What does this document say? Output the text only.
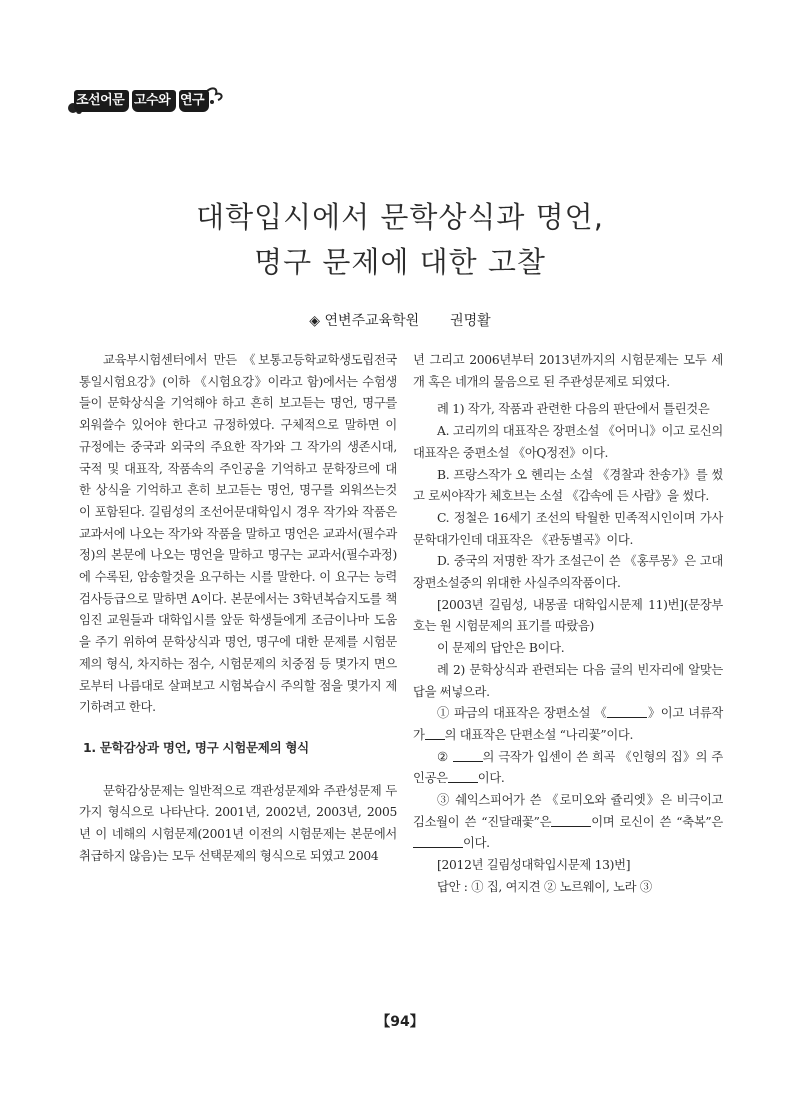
조선어문 고수와 연구
대학입시에서 문학상식과 명언,
명구 문제에 대한 고찰
◈ 연변주교육학원 권명활

교육부시험센터에서 만든 《보통고등학교학생도립전국통일시험요강》(이하 《시험요강》이라고 함)에서는 수험생들이 문학상식을 기억해야 하고 흔히 보고듣는 명언, 명구를 외워쓸수 있어야 한다고 규정하였다. 구체적으로 말하면 이 규정에는 중국과 외국의 주요한 작가와 그 작가의 생존시대, 국적 및 대표작, 작품속의 주인공을 기억하고 문학장르에 대한 상식을 기억하고 흔히 보고듣는 명언, 명구를 외워쓰는것이 포함된다. 길림성의 조선어문대학입시 경우 작가와 작품은 교과서에 나오는 작가와 작품을 말하고 명언은 교과서(필수과정)의 본문에 나오는 명언을 말하고 명구는 교과서(필수과정)에 수록된, 암송할것을 요구하는 시를 말한다. 이 요구는 능력검사등급으로 말하면 A이다. 본문에서는 3학년복습지도를 책임진 교원들과 대학입시를 앞둔 학생들에게 조금이나마 도움을 주기 위하여 문학상식과 명언, 명구에 대한 문제를 시험문제의 형식, 차지하는 점수, 시험문제의 치중점 등 몇가지 면으로부터 나름대로 살펴보고 시험복습시 주의할 점을 몇가지 제기하려고 한다.

1. 문학감상과 명언, 명구 시험문제의 형식

문학감상문제는 일반적으로 객관성문제와 주관성문제 두가지 형식으로 나타난다. 2001년, 2002년, 2003년, 2005년 이 네해의 시험문제(2001년 이전의 시험문제는 본문에서 취급하지 않음)는 모두 선택문제의 형식으로 되였고 2004

년 그리고 2006년부터 2013년까지의 시험문제는 모두 세개 혹은 네개의 물음으로 된 주관성문제로 되였다.

례 1) 작가, 작품과 관련한 다음의 판단에서 틀린것은

A. 고리끼의 대표작은 장편소설 《어머니》이고 로신의 대표작은 중편소설 《아Q정전》이다.

B. 프랑스작가 오 헨리는 소설 《경찰과 찬송가》를 썼고 로씨야작가 체호브는 소설 《갑속에 든 사람》을 썼다.

C. 정철은 16세기 조선의 탁월한 민족적시인이며 가사문학대가인데 대표작은 《관동별곡》이다.

D. 중국의 저명한 작가 조설근이 쓴 《홍루몽》은 고대장편소설중의 위대한 사실주의작품이다.

[2003년 길림성, 내몽골 대학입시문제 11)번](문장부호는 원 시험문제의 표기를 따랐음)

이 문제의 답안은 B이다.

례 2) 문학상식과 관련되는 다음 글의 빈자리에 알맞는 답을 써넣으라.

① 파금의 대표작은 장편소설 《	》이고 녀류작가 의 대표작은 단편소설 “나리꽃”이다.

②	의 극작가 입센이 쓴 희곡 《인형의 집》의 주인공은 이다.

③ 쉐익스피어가 쓴 《로미오와 쥴리엣》은 비극이고 김소월이 쓴 “진달래꽃”은	이며 로신이 쓴 “축복”은이다.

[2012년 길림성대학입시문제 13)번]

답안 : ① 집, 여지견 ② 노르웨이, 노라 ③

【94】
